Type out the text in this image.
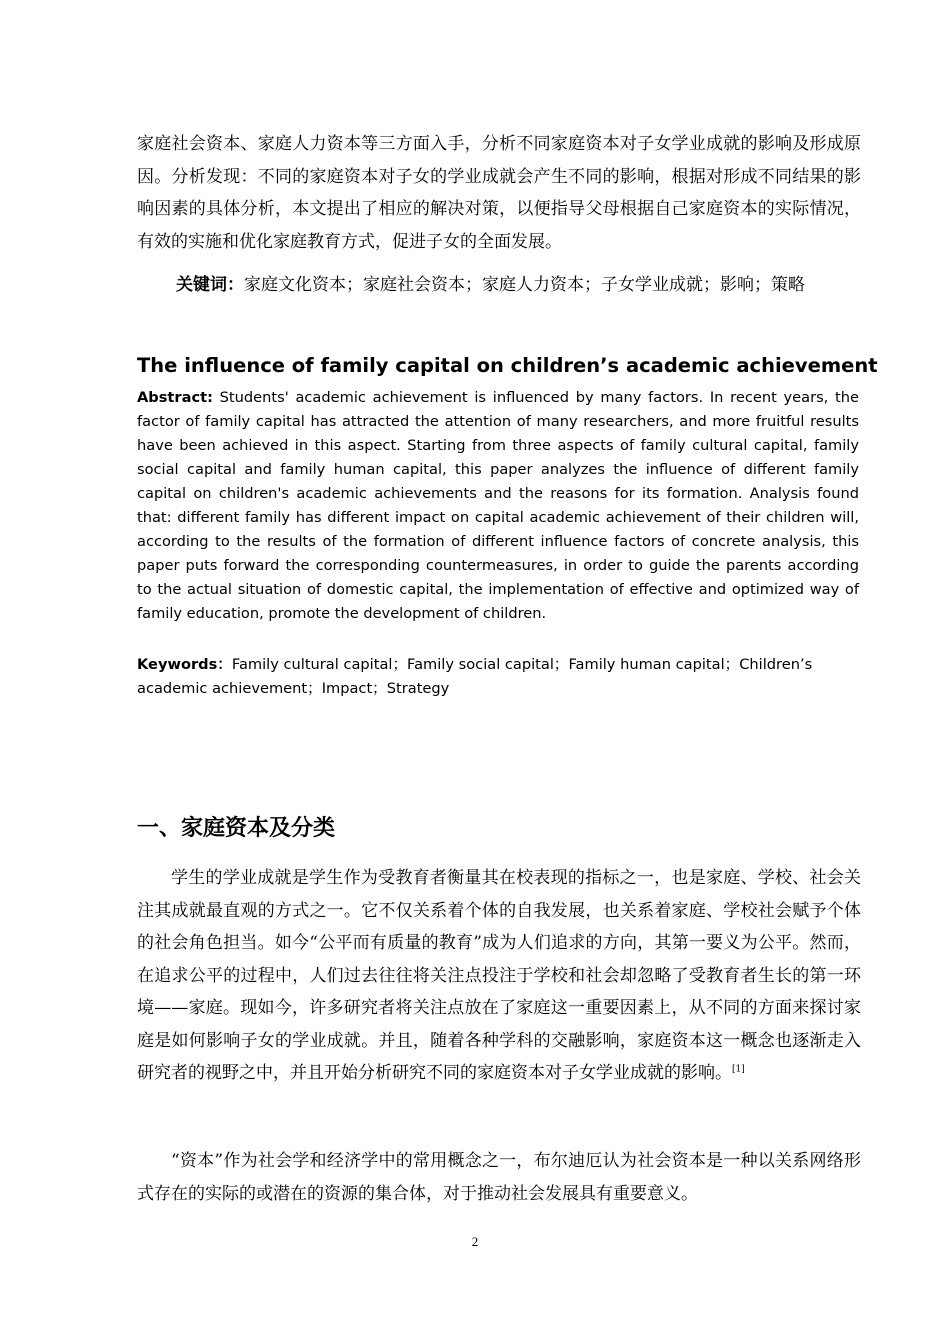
家庭社会资本、家庭人力资本等三方面入手，分析不同家庭资本对子女学业成就的影响及形成原因。分析发现：不同的家庭资本对子女的学业成就会产生不同的影响，根据对形成不同结果的影响因素的具体分析，本文提出了相应的解决对策，以便指导父母根据自己家庭资本的实际情况，有效的实施和优化家庭教育方式，促进子女的全面发展。

关键词：家庭文化资本；家庭社会资本；家庭人力资本；子女学业成就；影响；策略
The influence of family capital on children’s academic achievement

Abstract: Students' academic achievement is influenced by many factors. In recent years, the factor of family capital has attracted the attention of many researchers, and more fruitful results have been achieved in this aspect. Starting from three aspects of family cultural capital, family social capital and family human capital, this paper analyzes the influence of different family capital on children's academic achievements and the reasons for its formation. Analysis found that: different family has different impact on capital academic achievement of their children will, according to the results of the formation of different influence factors of concrete analysis, this paper puts forward the corresponding countermeasures, in order to guide the parents according to the actual situation of domestic capital, the implementation of effective and optimized way of family education, promote the development of children.

Keywords：Family cultural capital；Family social capital；Family human capital；Children’s academic achievement；Impact；Strategy

一、家庭资本及分类

学生的学业成就是学生作为受教育者衡量其在校表现的指标之一，也是家庭、学校、社会关注其成就最直观的方式之一。它不仅关系着个体的自我发展，也关系着家庭、学校社会赋予个体的社会角色担当。如今“公平而有质量的教育”成为人们追求的方向，其第一要义为公平。然而，在追求公平的过程中，人们过去往往将关注点投注于学校和社会却忽略了受教育者生长的第一环境——家庭。现如今，许多研究者将关注点放在了家庭这一重要因素上，从不同的方面来探讨家庭是如何影响子女的学业成就。并且，随着各种学科的交融影响，家庭资本这一概念也逐渐走入研究者的视野之中，并且开始分析研究不同的家庭资本对子女学业成就的影响。[1]

“资本”作为社会学和经济学中的常用概念之一，布尔迪厄认为社会资本是一种以关系网络形式存在的实际的或潜在的资源的集合体，对于推动社会发展具有重要意义。

2
